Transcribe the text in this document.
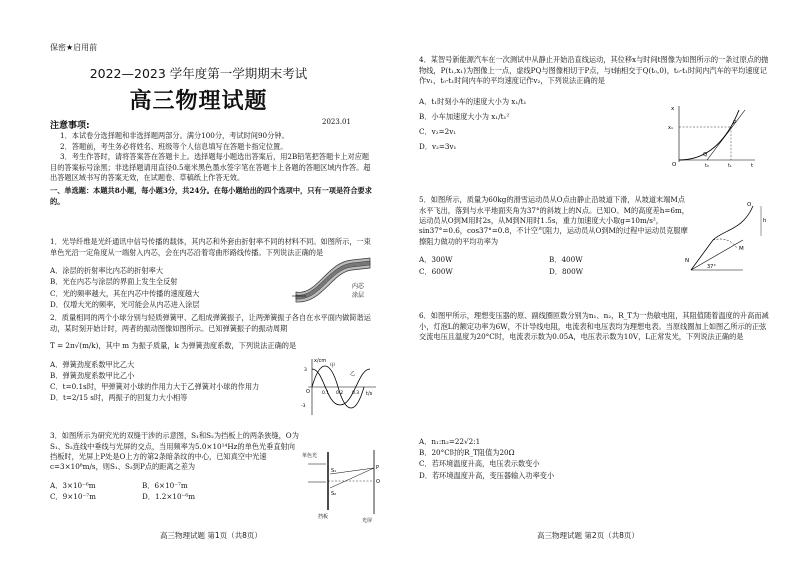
保密★启用前
2022—2023 学年度第一学期期末考试
高三物理试题
注意事项:	2023.01

1．本试卷分选择题和非选择题两部分。满分100分，考试时间90分钟。

2．答题前，考生务必将姓名、班级等个人信息填写在答题卡指定位置。

3．考生作答时，请将答案答在答题卡上。选择题每小题选出答案后，用2B铅笔把答题卡上对应题目的答案标号涂黑；非选择题请用直径0.5毫米黑色墨水签字笔在答题卡上各题的答题区域内作答。超出答题区域书写的答案无效，在试题卷、草稿纸上作答无效。

一、单选题：本题共8小题，每小题3分，共24分。在每小题给出的四个选项中，只有一项是符合要求的。

1．光导纤维是光纤通讯中信号传播的载体，其内芯和外套由折射率不同的材料不同。如图所示，一束单色光沿一定角度从一端射入内芯，会在内芯沿着弯曲形路线传播。下列说法正确的是

A．涂层的折射率比内芯的折射率大
B．光在内芯与涂层的界面上发生全反射
C．光的频率越大，其在内芯中传播的速度越大
D．仅增大光的频率，光可能会从内芯进入涂层
内芯
涂层

2．质量相同的两个小球分别与轻质弹簧甲、乙组成弹簧振子，让两弹簧振子各自在水平面内做简谐运动，某时刻开始计时，两者的振动图像如图所示。已知弹簧振子的振动周期

T = 2π√(m/k)，其中 m 为振子质量，k 为弹簧劲度系数，下列说法正确的是

A．弹簧劲度系数甲比乙大
B．弹簧劲度系数甲比乙小
C．t=0.1s时，甲弹簧对小球的作用力大于乙弹簧对小球的作用力
D．t=2/15 s时，两振子的回复力大小相等
x/cm
t/s
甲
乙
O	0.1 0.2 0.3
3
-3

3．如图所示为研究光的双缝干涉的示意图，S₁和S₂为挡板上的两条狭缝，O为S₁、S₂连线中垂线与光屏的交点，当用频率为5.0×10¹⁴Hz的单色光垂直射向挡板时，光屏上P处是O上方的第2条暗条纹的中心，已知真空中光速c=3×10⁸m/s，则S₁、S₂到P点的距离之差为

A．3×10⁻⁶m	B．6×10⁻⁷m
C．9×10⁻⁷m	D．1.2×10⁻⁶m
单色光
S₁
S₂
P
O
挡板
光屏
高三物理试题 第1页（共8页）

4．某智号新能源汽车在一次测试中从静止开始沿直线运动，其位移x与时间t图像为如图所示的一条过原点的抛物线，P(t₁,x₁)为图像上一点，虚线PQ与图像相切于P点，与t轴相交于Q(t₀,0)，t₀-t₁时间内汽车的平均速度记作v₁，t₀-t₁时间内车的平均速度记作v₂，下列说法正确的是

A．t₁时刻小车的速度大小为 x₁/t₁
B．小车加速度大小为 x₁/t₁²
C．v₂=2v₁
D．v₂=3v₁
x
x₁
P
O
Q
t₀	t₁	t

5．如图所示，质量为60kg的滑雪运动员从O点由静止沿坡道下滑，从坡道末端M点水平飞出，落到与水平地面夹角为37°的斜坡上的N点。已知O、M的高度差h=6m，运动员从O到M用时2s，从M到N用时1.5s，重力加速度大小取g=10m/s²，sin37°=0.6，cos37°=0.8，不计空气阻力，运动员从O到M的过程中运动员克服摩擦阻力做功的平均功率为

A．300W	B．400W
C．600W	D．800W
O
h
M
N
37°

6．如图甲所示，理想变压器的原、副线圈匝数分别为n₁、n₂，R_T为一热敏电阻，其阻值随着温度的升高而减小，灯泡L的额定功率为6W，不计导线电阻，电流表和电压表均为理想电表。当原线圈加上如图乙所示的正弦交流电压且温度为20°C时，电流表示数为0.05A，电压表示数为10V，L正常发光，下列说法正确的是

A．n₁:n₂=22√2:1
B．20°C时的R_T阻值为20Ω
C．若环境温度升高，电压表示数变小
D．若环境温度升高，变压器输入功率变小
高三物理试题 第2页（共8页）
